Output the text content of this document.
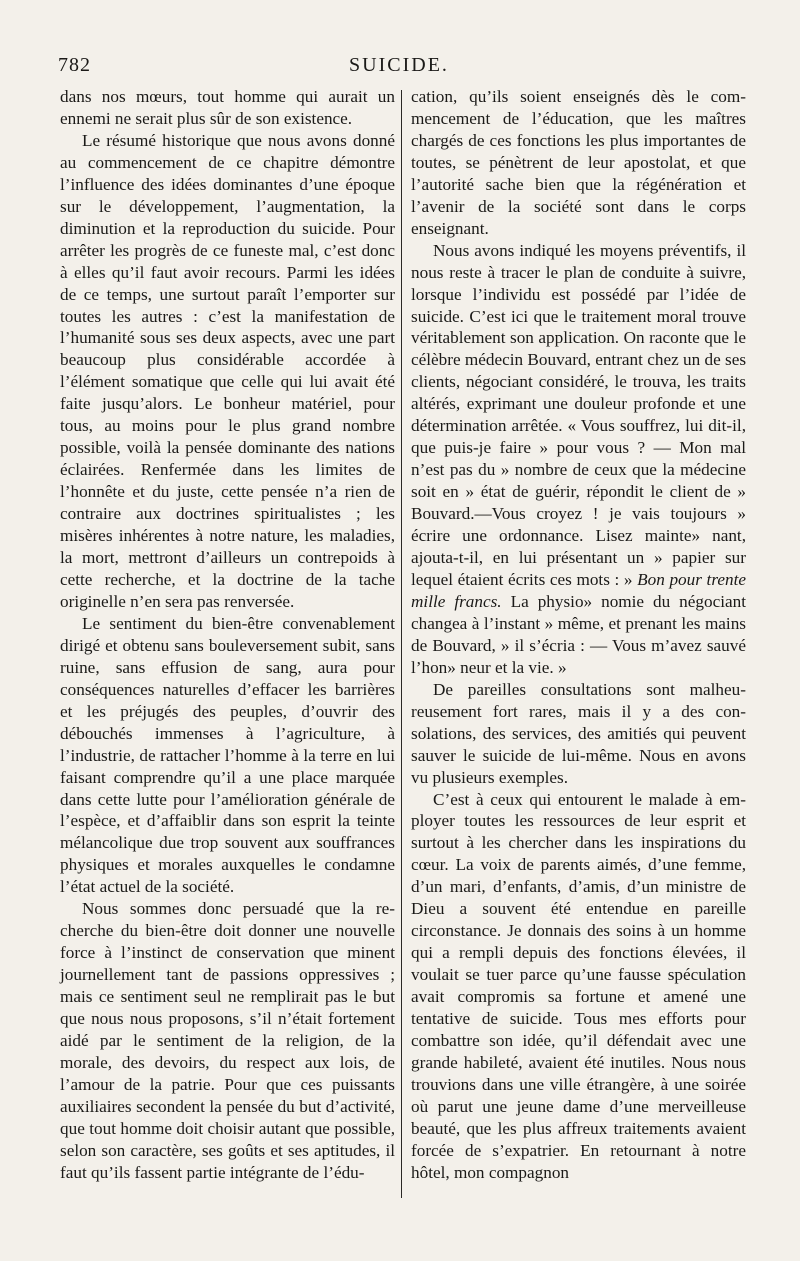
782	SUICIDE.

dans nos mœurs, tout homme qui aurait un ennemi ne serait plus sûr de son existence.

Le résumé historique que nous avons donné au commencement de ce chapitre démontre l’influence des idées dominantes d’une époque sur le développement, l’augmentation, la diminution et la reproduction du suicide. Pour arrêter les progrès de ce funeste mal, c’est donc à elles qu’il faut avoir recours. Parmi les idées de ce temps, une surtout paraît l’emporter sur toutes les autres : c’est la manifestation de l’humanité sous ses deux aspects, avec une part beaucoup plus considérable accordée à l’élément somatique que celle qui lui avait été faite jusqu’alors. Le bonheur matériel, pour tous, au moins pour le plus grand nombre possible, voilà la pensée dominante des nations éclairées. Renfermée dans les limites de l’honnête et du juste, cette pensée n’a rien de contraire aux doctrines spiritualistes ; les misères inhérentes à notre nature, les maladies, la mort, mettront d’ailleurs un contrepoids à cette recherche, et la doctrine de la tache originelle n’en sera pas renversée.

Le sentiment du bien-être convenablement dirigé et obtenu sans bouleversement subit, sans ruine, sans effusion de sang, aura pour conséquences naturelles d’effacer les barrières et les préjugés des peuples, d’ouvrir des débouchés immenses à l’agriculture, à l’industrie, de rattacher l’homme à la terre en lui faisant comprendre qu’il a une place marquée dans cette lutte pour l’amélioration générale de l’espèce, et d’affaiblir dans son esprit la teinte mélancolique due trop souvent aux souffrances physiques et morales auxquelles le condamne l’état actuel de la société.

Nous sommes donc persuadé que la recherche du bien-être doit donner une nouvelle force à l’instinct de conservation que minent journellement tant de passions oppressives ; mais ce sentiment seul ne remplirait pas le but que nous nous proposons, s’il n’était fortement aidé par le sentiment de la religion, de la morale, des devoirs, du respect aux lois, de l’amour de la patrie. Pour que ces puissants auxiliaires secondent la pensée du but d’activité, que tout homme doit choisir autant que possible, selon son caractère, ses goûts et ses aptitudes, il faut qu’ils fassent partie intégrante de l’édu-

cation, qu’ils soient enseignés dès le commencement de l’éducation, que les maîtres chargés de ces fonctions les plus importantes de toutes, se pénètrent de leur apostolat, et que l’autorité sache bien que la régénération et l’avenir de la société sont dans le corps enseignant.

Nous avons indiqué les moyens préventifs, il nous reste à tracer le plan de conduite à suivre, lorsque l’individu est possédé par l’idée de suicide. C’est ici que le traitement moral trouve véritablement son application. On raconte que le célèbre médecin Bouvard, entrant chez un de ses clients, négociant considéré, le trouva, les traits altérés, exprimant une douleur profonde et une détermination arrêtée. « Vous souffrez, lui dit-il, que puis-je faire » pour vous ? — Mon mal n’est pas du » nombre de ceux que la médecine soit en » état de guérir, répondit le client de » Bouvard.—Vous croyez ! je vais toujours » écrire une ordonnance. Lisez mainte» nant, ajouta-t-il, en lui présentant un » papier sur lequel étaient écrits ces mots : » Bon pour trente mille francs. La physio» nomie du négociant changea à l’instant » même, et prenant les mains de Bouvard, » il s’écria : — Vous m’avez sauvé l’hon» neur et la vie. »

De pareilles consultations sont malheureusement fort rares, mais il y a des consolations, des services, des amitiés qui peuvent sauver le suicide de lui-même. Nous en avons vu plusieurs exemples.

C’est à ceux qui entourent le malade à employer toutes les ressources de leur esprit et surtout à les chercher dans les inspirations du cœur. La voix de parents aimés, d’une femme, d’un mari, d’enfants, d’amis, d’un ministre de Dieu a souvent été entendue en pareille circonstance. Je donnais des soins à un homme qui a rempli depuis des fonctions élevées, il voulait se tuer parce qu’une fausse spéculation avait compromis sa fortune et amené une tentative de suicide. Tous mes efforts pour combattre son idée, qu’il défendait avec une grande habileté, avaient été inutiles. Nous nous trouvions dans une ville étrangère, à une soirée où parut une jeune dame d’une merveilleuse beauté, que les plus affreux traitements avaient forcée de s’expatrier. En retournant à notre hôtel, mon compagnon
